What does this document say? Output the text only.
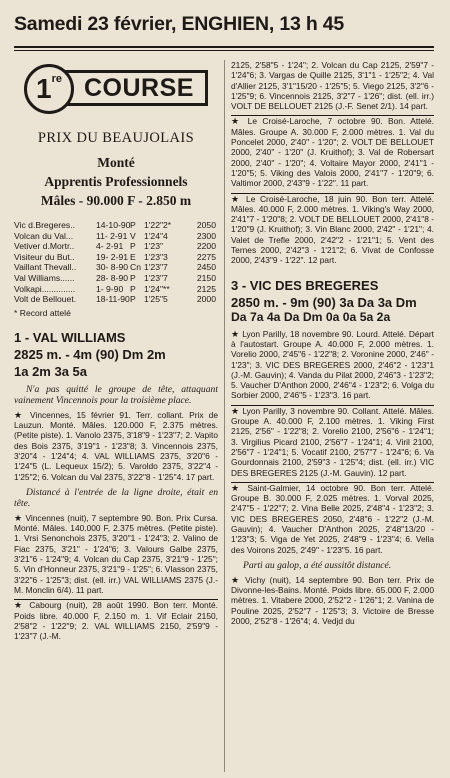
Samedi 23 février, ENGHIEN, 13 h 45
1re COURSE
PRIX DU BEAUJOLAIS
Monté
Apprentis Professionnels
Mâles - 90.000 F - 2.850 m
Vic d.Bregeres..	14-10-90 P 1'22"2*	2050
Volcan du Val...	11- 2-91 V 1'24"4	2300
Vetiver d.Mortr..	4- 2-91 P 1'23"	2200
Visiteur du But..	19- 2-91 E 1'23"3	2275
Vaillant Thevall..	30- 8-90 Cn 1'23"7	2450
Val Williams......	28- 8-90 P 1'23"7	2150
Volkapi..............	1- 9-90 P 1'24"**	2125
Volt de Bellouet.	18-11-90 P 1'25"5	2000
* Record attelé
1 - VAL WILLIAMS
2825 m. - 4m (90) Dm 2m
1a 2m 3a 5a
N'a pas quitté le groupe de tête, attaquant vainement Vincennois pour la troisième place.
★ Vincennes, 15 février 91. Terr. collant. Prix de Lauzun. Monté. Mâles. 120.000 F, 2.375 mètres. (Petite piste). 1. Vanolo 2375, 3'18"9 - 1'23"7; 2. Vapito des Bois 2375, 3'19"1 - 1'23"8; 3. Vincennois 2375, 3'20"4 - 1'24"4; 4. VAL WILLIAMS 2375, 3'20"6 - 1'24"5 (L. Lequeux 15/2); 5. Varoldo 2375, 3'22"4 - 1'25"2; 6. Volcan du Val 2375, 3'22"8 - 1'25"4. 17 part.
Distancé à l'entrée de la ligne droite, était en tête.
★ Vincennes (nuit), 7 septembre 90. Bon. Prix Cursa. Monté. Mâles. 140.000 F, 2.375 mètres. (Petite piste). 1. Vrsi Senonchois 2375, 3'20"1 - 1'24"3; 2. Valino de Fiac 2375, 3'21" - 1'24"6; 3. Valours Galbe 2375, 3'21"6 - 1'24"9; 4. Volcan du Cap 2375, 3'21"9 - 1'25"; 5. Vin d'Honneur 2375, 3'21"9 - 1'25"; 6. Vlasson 2375, 3'22"6 - 1'25"3; dist. (ell. irr.) VAL WILLIAMS 2375 (J.-M. Monclin 6/4). 11 part.
★ Cabourg (nuit), 28 août 1990. Bon terr. Monté. Poids libre. 40.000 F, 2.150 m. 1. Vif Eclair 2150, 2'58"2 - 1'22"9; 2. VAL WILLIAMS 2150, 2'59"9 - 1'23"7 (J.-M.
2125, 2'58"5 - 1'24"; 2. Volcan du Cap 2125, 2'59"7 - 1'24"6; 3. Vargas de Quille 2125, 3'1"1 - 1'25"2; 4. Val d'Allier 2125, 3'1"15/20 - 1'25"5; 5. Viego 2125, 3'2"6 - 1'25"9; 6. Vincennois 2125, 3'2"7 - 1'26"; dist. (ell. irr.) VOLT DE BELLOUET 2125 (J.-F. Senet 2/1). 14 part.
★ Le Croisé-Laroche, 7 octobre 90. Bon. Attelé. Mâles. Groupe A. 30.000 F, 2.000 mètres. 1. Val du Poncelet 2000, 2'40" - 1'20"; 2. VOLT DE BELLOUET 2000, 2'40" - 1'20" (J. Kruithof); 3. Val de Robersart 2000, 2'40" - 1'20"; 4. Voltaire Mayor 2000, 2'41"1 - 1'20"5; 5. Viking des Valois 2000, 2'41"7 - 1'20"9; 6. Valtimor 2000, 2'43"9 - 1'22". 11 part.
★ Le Croisé-Laroche, 18 juin 90. Bon terr. Attelé. Mâles. 40.000 F, 2.000 mètres. 1. Viking's Way 2000, 2'41"7 - 1'20"8; 2. VOLT DE BELLOUET 2000, 2'41"8 - 1'20"9 (J. Kruithof); 3. Vin Blanc 2000, 2'42" - 1'21"; 4. Valet de Trefle 2000, 2'42"2 - 1'21"1; 5. Vent des Ternes 2000, 2'42"3 - 1'21"2; 6. Vivat de Confosse 2000, 2'43"9 - 1'22". 12 part.
3 - VIC DES BREGERES
2850 m. - 9m (90) 3a Da 3a Dm
Da 7a 4a Da Dm 0a 0a 5a 2a
★ Lyon Parilly, 18 novembre 90. Lourd. Attelé. Départ à l'autostart. Groupe A. 40.000 F, 2.000 mètres. 1. Vorelio 2000, 2'45"6 - 1'22"8; 2. Voronine 2000, 2'46" - 1'23"; 3. VIC DES BREGERES 2000, 2'46"2 - 1'23"1 (J.-M. Gauvin); 4. Vanda du Pilat 2000, 2'46"3 - 1'23"2; 5. Vaucher D'Anthon 2000, 2'46"4 - 1'23"2; 6. Volga du Sorbier 2000, 2'46"5 - 1'23"3. 16 part.
★ Lyon Parilly, 3 novembre 90. Collant. Attelé. Mâles. Groupe A. 40.000 F, 2.100 mètres. 1. Viking First 2125, 2'56" - 1'22"8; 2. Vorelio 2100, 2'56"6 - 1'24"1; 3. Virgilius Picard 2100, 2'56"7 - 1'24"1; 4. Viril 2100, 2'56"7 - 1'24"1; 5. Vocatif 2100, 2'57"7 - 1'24"6; 6. Va Gourdonnais 2100, 2'59"3 - 1'25"4; dist. (ell. irr.) VIC DES BREGERES 2125 (J.-M. Gauvin). 12 part.
★ Saint-Galmier, 14 octobre 90. Bon terr. Attelé. Groupe B. 30.000 F, 2.025 mètres. 1. Vorval 2025, 2'47"5 - 1'22"7; 2. Vina Belle 2025, 2'48"4 - 1'23"2; 3. VIC DES BREGERES 2050, 2'48"6 - 1'22"2 (J.-M. Gauvin); 4. Vaucher D'Anthon 2025, 2'48"13/20 - 1'23"3; 5. Viga de Yet 2025, 2'48"9 - 1'23"4; 6. Vella des Voirons 2025, 2'49" - 1'23"5. 16 part.
Parti au galop, a été aussitôt distancé.
★ Vichy (nuit), 14 septembre 90. Bon terr. Prix de Divonne-les-Bains. Monté. Poids libre. 65.000 F, 2.000 mètres. 1. Vitabere 2000, 2'52"2 - 1'26"1; 2. Vanina de Pouline 2025, 2'52"7 - 1'25"3; 3. Victoire de Bresse 2000, 2'52"8 - 1'26"4; 4. Vedjd du
